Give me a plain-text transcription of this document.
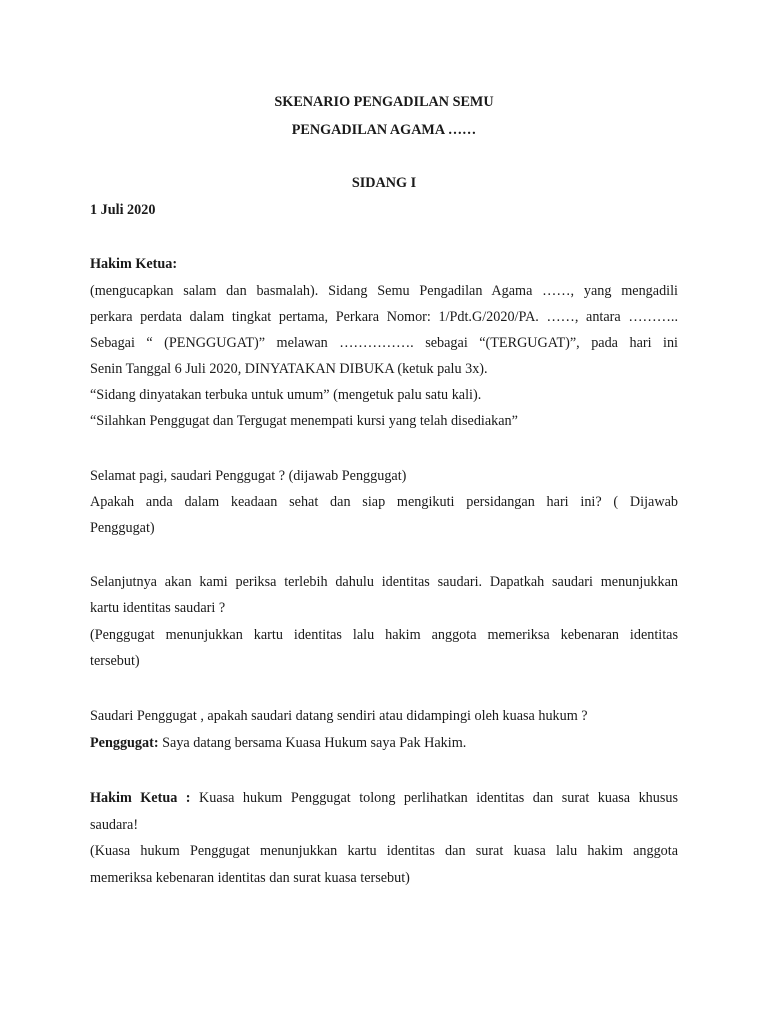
SKENARIO PENGADILAN SEMU
PENGADILAN AGAMA ……
SIDANG I
1 Juli 2020
Hakim Ketua:
(mengucapkan salam dan basmalah). Sidang Semu Pengadilan Agama ……, yang mengadili
perkara perdata dalam tingkat pertama, Perkara Nomor: 1/Pdt.G/2020/PA. ……, antara ………..
Sebagai “ (PENGGUGAT)” melawan ……………. sebagai “(TERGUGAT)”, pada hari ini
Senin Tanggal 6 Juli 2020, DINYATAKAN DIBUKA (ketuk palu 3x).
“Sidang dinyatakan terbuka untuk umum” (mengetuk palu satu kali).
“Silahkan Penggugat dan Tergugat menempati kursi yang telah disediakan”
Selamat pagi, saudari Penggugat ? (dijawab Penggugat)
Apakah anda dalam keadaan sehat dan siap mengikuti persidangan hari ini? ( Dijawab
Penggugat)
Selanjutnya akan kami periksa terlebih dahulu identitas saudari. Dapatkah saudari menunjukkan
kartu identitas saudari ?
(Penggugat menunjukkan kartu identitas lalu hakim anggota memeriksa kebenaran identitas
tersebut)
Saudari Penggugat , apakah saudari datang sendiri atau didampingi oleh kuasa hukum ?
Penggugat: Saya datang bersama Kuasa Hukum saya Pak Hakim.
Hakim Ketua : Kuasa hukum Penggugat tolong perlihatkan identitas dan surat kuasa khusus
saudara!
(Kuasa hukum Penggugat menunjukkan kartu identitas dan surat kuasa lalu hakim anggota
memeriksa kebenaran identitas dan surat kuasa tersebut)
